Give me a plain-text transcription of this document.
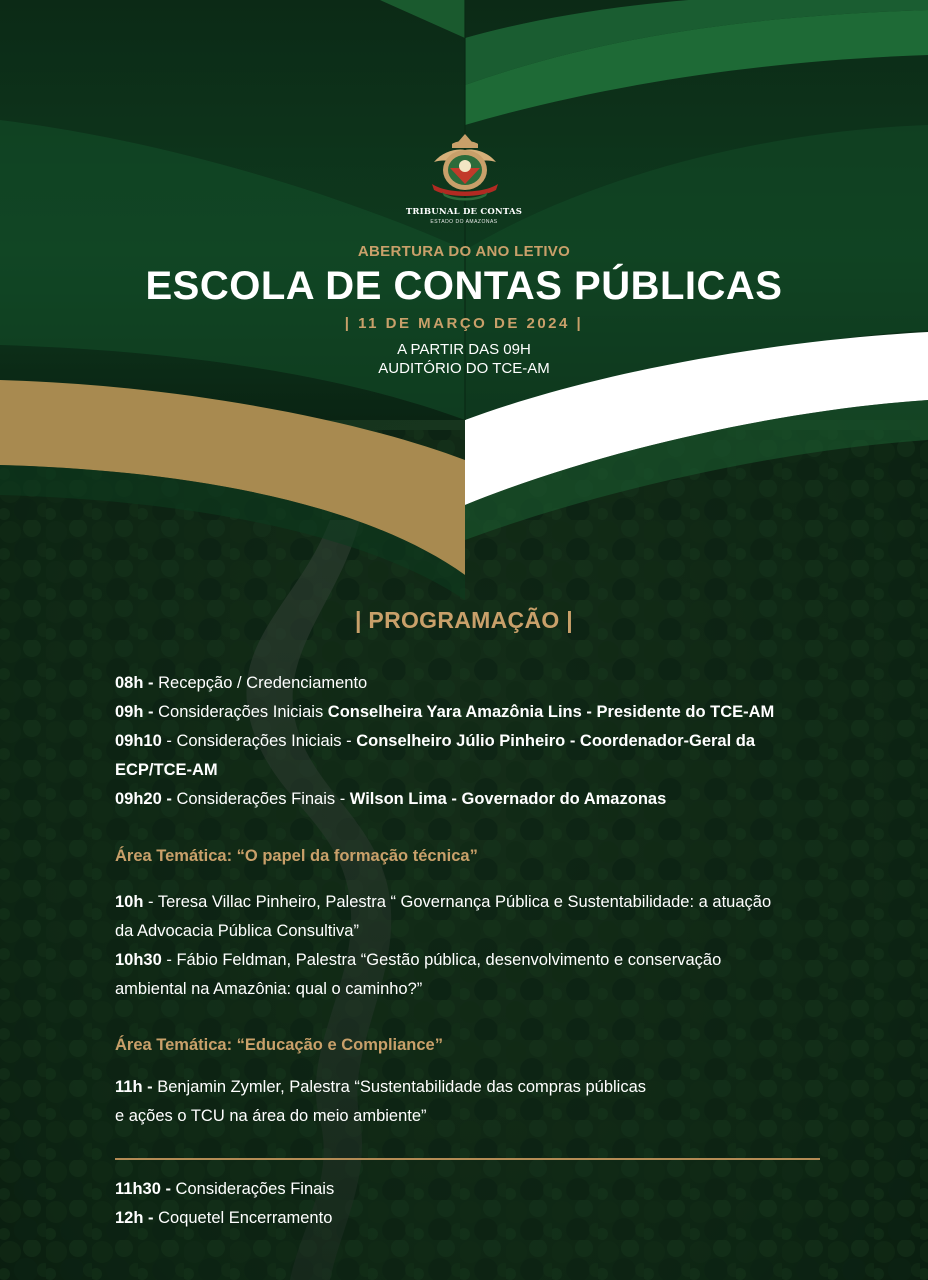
TRIBUNAL DE CONTAS
ESTADO DO AMAZONAS
ABERTURA DO ANO LETIVO
ESCOLA DE CONTAS PÚBLICAS
| 11 DE MARÇO DE 2024 |
A PARTIR DAS 09H
AUDITÓRIO DO TCE-AM
| PROGRAMAÇÃO |
08h - Recepção / Credenciamento
09h - Considerações Iniciais Conselheira Yara Amazônia Lins - Presidente do TCE-AM
09h10 - Considerações Iniciais - Conselheiro Júlio Pinheiro - Coordenador-Geral da ECP/TCE-AM
09h20 - Considerações Finais - Wilson Lima - Governador do Amazonas
Área Temática: “O papel da formação técnica”
10h - Teresa Villac Pinheiro, Palestra “ Governança Pública e Sustentabilidade: a atuação da Advocacia Pública Consultiva”
10h30 - Fábio Feldman, Palestra “Gestão pública, desenvolvimento e conservação ambiental na Amazônia: qual o caminho?”
Área Temática: “Educação e Compliance”
11h - Benjamin Zymler, Palestra “Sustentabilidade das compras públicas
e ações o TCU na área do meio ambiente”
11h30 - Considerações Finais
12h - Coquetel Encerramento
